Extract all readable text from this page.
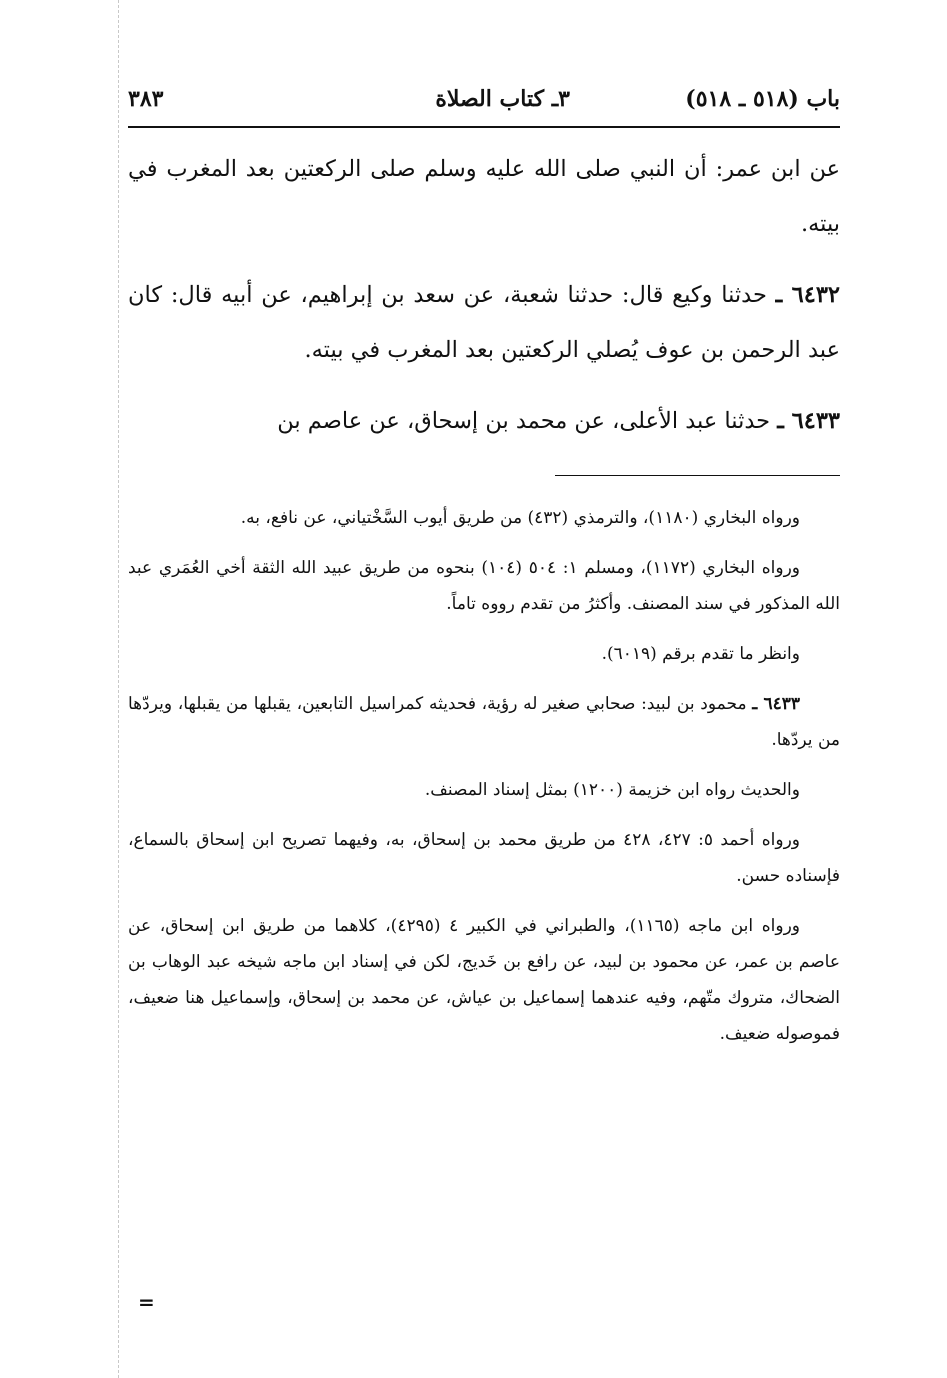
باب (٥١٨ ـ ٥١٨)
٣ـ كتاب الصلاة
٣٨٣

عن ابن عمر: أن النبي صلى الله عليه وسلم صلى الركعتين بعد المغرب في بيته.

٦٤٣٢ ـ حدثنا وكيع قال: حدثنا شعبة، عن سعد بن إبراهيم، عن أبيه قال: كان عبد الرحمن بن عوف يُصلي الركعتين بعد المغرب في بيته.

٦٤٣٣ ـ حدثنا عبد الأعلى، عن محمد بن إسحاق، عن عاصم بن

ورواه البخاري (١١٨٠)، والترمذي (٤٣٢) من طريق أيوب السَّخْتياني، عن نافع، به.

ورواه البخاري (١١٧٢)، ومسلم ١: ٥٠٤ (١٠٤) بنحوه من طريق عبيد الله الثقة أخي العُمَري عبد الله المذكور في سند المصنف. وأكثرُ من تقدم رووه تاماً.

وانظر ما تقدم برقم (٦٠١٩).

٦٤٣٣ ـ محمود بن لبيد: صحابي صغير له رؤية، فحديثه كمراسيل التابعين، يقبلها من يقبلها، ويردّها من يردّها.

والحديث رواه ابن خزيمة (١٢٠٠) بمثل إسناد المصنف.

ورواه أحمد ٥: ٤٢٧، ٤٢٨ من طريق محمد بن إسحاق، به، وفيهما تصريح ابن إسحاق بالسماع، فإسناده حسن.

ورواه ابن ماجه (١١٦٥)، والطبراني في الكبير ٤ (٤٢٩٥)، كلاهما من طريق ابن إسحاق، عن عاصم بن عمر، عن محمود بن لبيد، عن رافع بن خَديج، لكن في إسناد ابن ماجه شيخه عبد الوهاب بن الضحاك، متروك متّهم، وفيه عندهما إسماعيل بن عياش، عن محمد بن إسحاق، وإسماعيل هنا ضعيف، فموصوله ضعيف.

=
